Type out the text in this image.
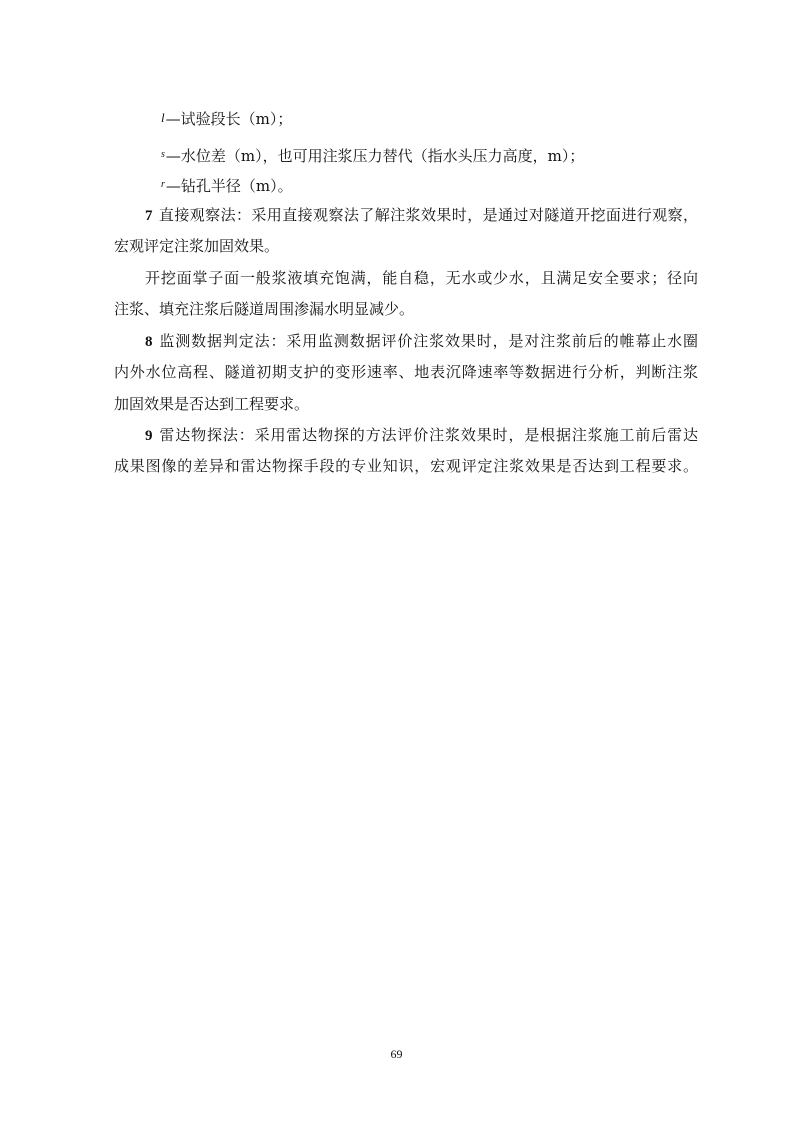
l—试验段长（m）；
$^s$—水位差（m），也可用注浆压力替代（指水头压力高度，m）；
$^r$—钻孔半径（m）。
7 直接观察法：采用直接观察法了解注浆效果时，是通过对隧道开挖面进行观察，
宏观评定注浆加固效果。
开挖面掌子面一般浆液填充饱满，能自稳，无水或少水，且满足安全要求；径向
注浆、填充注浆后隧道周围渗漏水明显减少。
8 监测数据判定法：采用监测数据评价注浆效果时，是对注浆前后的帷幕止水圈
内外水位高程、隧道初期支护的变形速率、地表沉降速率等数据进行分析，判断注浆
加固效果是否达到工程要求。
9 雷达物探法：采用雷达物探的方法评价注浆效果时，是根据注浆施工前后雷达
成果图像的差异和雷达物探手段的专业知识，宏观评定注浆效果是否达到工程要求。
69
